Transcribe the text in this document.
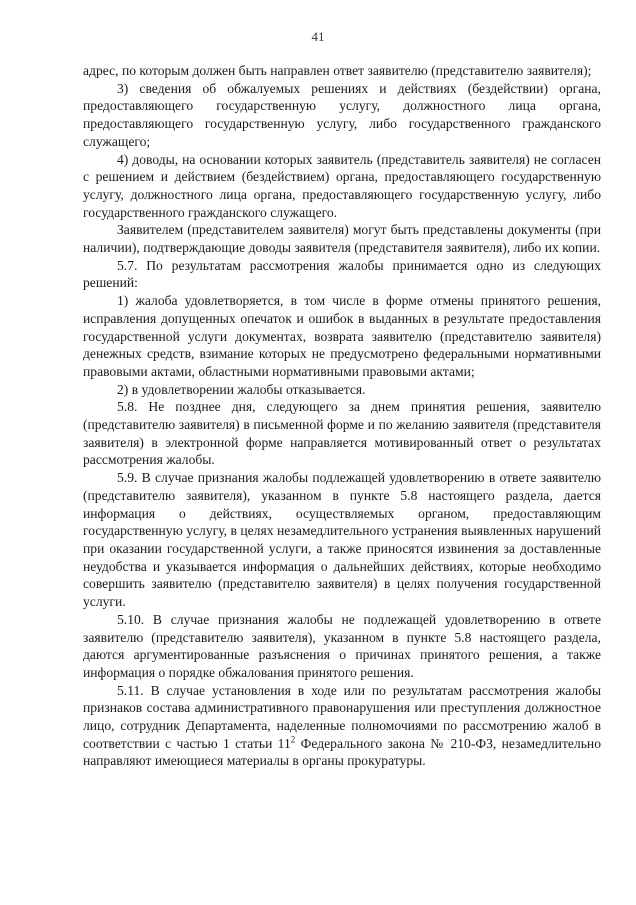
41

адрес, по которым должен быть направлен ответ заявителю (представителю заявителя);

3) сведения об обжалуемых решениях и действиях (бездействии) органа, предоставляющего государственную услугу, должностного лица органа, предоставляющего государственную услугу, либо государственного гражданского служащего;

4) доводы, на основании которых заявитель (представитель заявителя) не согласен с решением и действием (бездействием) органа, предоставляющего государственную услугу, должностного лица органа, предоставляющего государственную услугу, либо государственного гражданского служащего.

Заявителем (представителем заявителя) могут быть представлены документы (при наличии), подтверждающие доводы заявителя (представителя заявителя), либо их копии.

5.7. По результатам рассмотрения жалобы принимается одно из следующих решений:

1) жалоба удовлетворяется, в том числе в форме отмены принятого решения, исправления допущенных опечаток и ошибок в выданных в результате предоставления государственной услуги документах, возврата заявителю (представителю заявителя) денежных средств, взимание которых не предусмотрено федеральными нормативными правовыми актами, областными нормативными правовыми актами;

2) в удовлетворении жалобы отказывается.

5.8. Не позднее дня, следующего за днем принятия решения, заявителю (представителю заявителя) в письменной форме и по желанию заявителя (представителя заявителя) в электронной форме направляется мотивированный ответ о результатах рассмотрения жалобы.

5.9. В случае признания жалобы подлежащей удовлетворению в ответе заявителю (представителю заявителя), указанном в пункте 5.8 настоящего раздела, дается информация о действиях, осуществляемых органом, предоставляющим государственную услугу, в целях незамедлительного устранения выявленных нарушений при оказании государственной услуги, а также приносятся извинения за доставленные неудобства и указывается информация о дальнейших действиях, которые необходимо совершить заявителю (представителю заявителя) в целях получения государственной услуги.

5.10. В случае признания жалобы не подлежащей удовлетворению в ответе заявителю (представителю заявителя), указанном в пункте 5.8 настоящего раздела, даются аргументированные разъяснения о причинах принятого решения, а также информация о порядке обжалования принятого решения.

5.11. В случае установления в ходе или по результатам рассмотрения жалобы признаков состава административного правонарушения или преступления должностное лицо, сотрудник Департамента, наделенные полномочиями по рассмотрению жалоб в соответствии с частью 1 статьи $11^2$ Федерального закона № 210-ФЗ, незамедлительно направляют имеющиеся материалы в органы прокуратуры.
